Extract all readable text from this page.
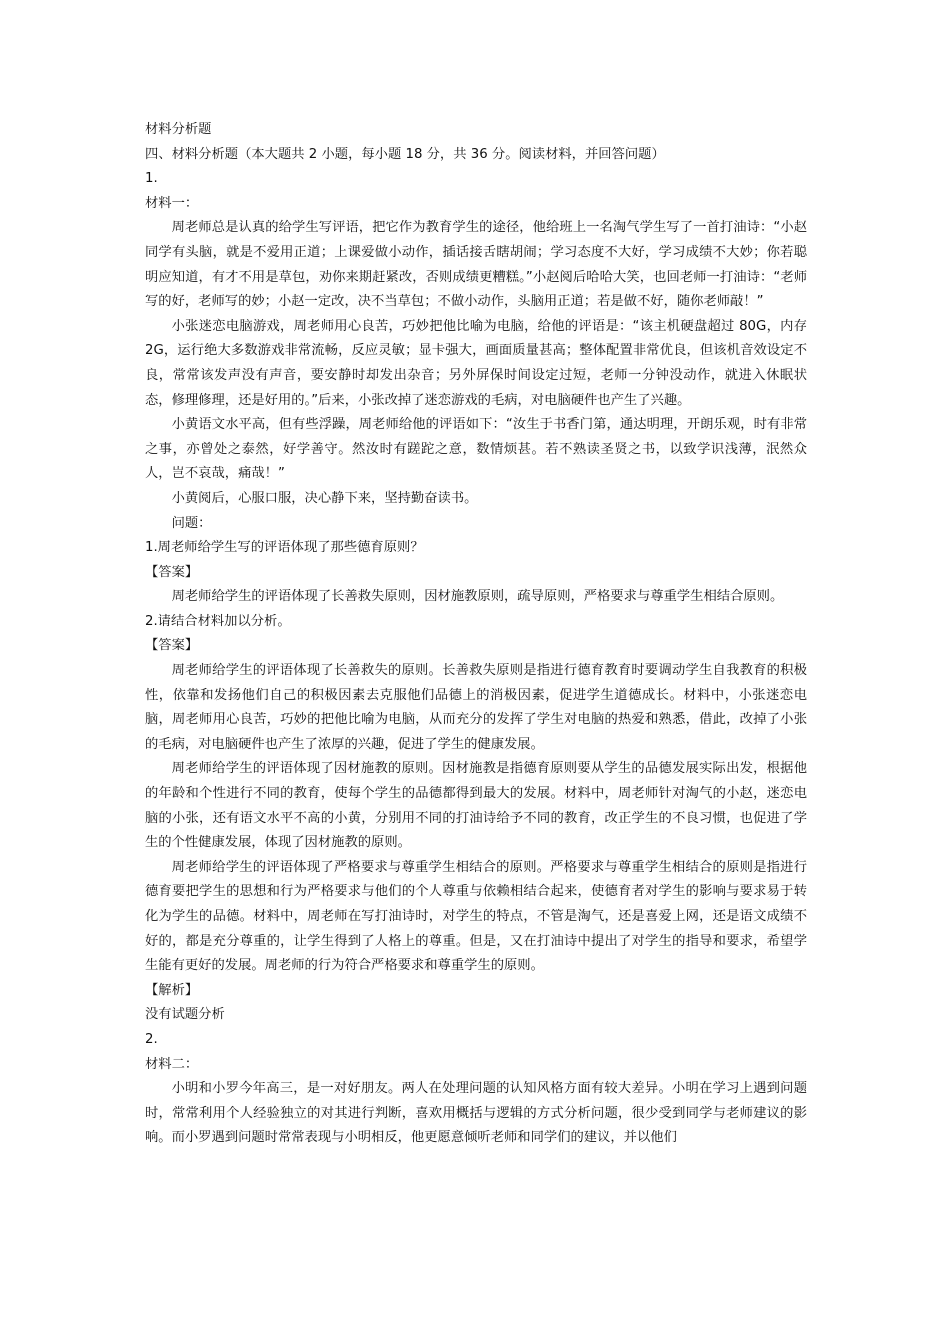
材料分析题

四、材料分析题（本大题共 2 小题，每小题 18 分，共 36 分。阅读材料，并回答问题）

1.

材料一：

周老师总是认真的给学生写评语，把它作为教育学生的途径，他给班上一名淘气学生写了一首打油诗：“小赵同学有头脑，就是不爱用正道；上课爱做小动作，插话接舌瞎胡闹；学习态度不大好，学习成绩不大妙；你若聪明应知道，有才不用是草包，劝你来期赶紧改，否则成绩更糟糕。”小赵阅后哈哈大笑，也回老师一打油诗：“老师写的好，老师写的妙；小赵一定改，决不当草包；不做小动作，头脑用正道；若是做不好，随你老师敲！”

小张迷恋电脑游戏，周老师用心良苦，巧妙把他比喻为电脑，给他的评语是：“该主机硬盘超过 80G，内存 2G，运行绝大多数游戏非常流畅，反应灵敏；显卡强大，画面质量甚高；整体配置非常优良，但该机音效设定不良，常常该发声没有声音，要安静时却发出杂音；另外屏保时间设定过短，老师一分钟没动作，就进入休眠状态，修理修理，还是好用的。”后来，小张改掉了迷恋游戏的毛病，对电脑硬件也产生了兴趣。

小黄语文水平高，但有些浮躁，周老师给他的评语如下：“汝生于书香门第，通达明理，开朗乐观，时有非常之事，亦曾处之泰然，好学善守。然汝时有蹉跎之意，数情烦甚。若不熟读圣贤之书，以致学识浅薄，泯然众人，岂不哀哉，痛哉！”

小黄阅后，心服口服，决心静下来，坚持勤奋读书。

问题：

1.周老师给学生写的评语体现了那些德育原则？

【答案】

周老师给学生的评语体现了长善救失原则，因材施教原则，疏导原则，严格要求与尊重学生相结合原则。

2.请结合材料加以分析。

【答案】

周老师给学生的评语体现了长善救失的原则。长善救失原则是指进行德育教育时要调动学生自我教育的积极性，依靠和发扬他们自己的积极因素去克服他们品德上的消极因素，促进学生道德成长。材料中，小张迷恋电脑，周老师用心良苦，巧妙的把他比喻为电脑，从而充分的发挥了学生对电脑的热爱和熟悉，借此，改掉了小张的毛病，对电脑硬件也产生了浓厚的兴趣，促进了学生的健康发展。

周老师给学生的评语体现了因材施教的原则。因材施教是指德育原则要从学生的品德发展实际出发，根据他的年龄和个性进行不同的教育，使每个学生的品德都得到最大的发展。材料中，周老师针对淘气的小赵，迷恋电脑的小张，还有语文水平不高的小黄，分别用不同的打油诗给予不同的教育，改正学生的不良习惯，也促进了学生的个性健康发展，体现了因材施教的原则。

周老师给学生的评语体现了严格要求与尊重学生相结合的原则。严格要求与尊重学生相结合的原则是指进行德育要把学生的思想和行为严格要求与他们的个人尊重与依赖相结合起来，使德育者对学生的影响与要求易于转化为学生的品德。材料中，周老师在写打油诗时，对学生的特点，不管是淘气，还是喜爱上网，还是语文成绩不好的，都是充分尊重的，让学生得到了人格上的尊重。但是，又在打油诗中提出了对学生的指导和要求，希望学生能有更好的发展。周老师的行为符合严格要求和尊重学生的原则。

【解析】

没有试题分析

2.

材料二：

小明和小罗今年高三，是一对好朋友。两人在处理问题的认知风格方面有较大差异。小明在学习上遇到问题时，常常利用个人经验独立的对其进行判断，喜欢用概括与逻辑的方式分析问题，很少受到同学与老师建议的影响。而小罗遇到问题时常常表现与小明相反，他更愿意倾听老师和同学们的建议，并以他们
